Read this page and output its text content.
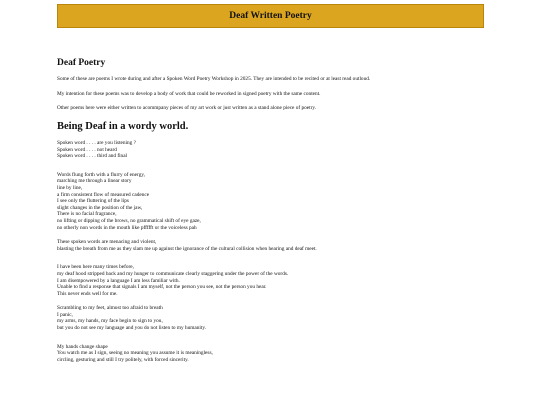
Deaf Written Poetry
Deaf Poetry

Some of these are poems I wrote during and after a Spoken Word Poetry Workshop in 2025. They are intended to be recited or at least read outloud.

My intention for these poems was to develop a body of work that could be reworked in signed poetry with the same content.

Other poems here were either written to acommpany pieces of my art work or just written as a stand alone piece of poetry.

Being Deaf in a wordy world.
Spoken word . . . . are you listening ?
Spoken word . . . . not heard
Spoken word . . . . third and final
Words flung forth with a flurry of energy,
marching me through a linear story
line by line,
a firm consistent flow of measured cadence
I see only the fluttering of the lips
slight changes in the position of the jaw,
There is no facial fragrance,
no lifting or dipping of the brows, no grammatical shift of eye gaze,
no otherly non words in the mouth like pffffft or the voiceless pah
These spoken words are menacing and violent,
blasting the breath from me as they slam me up against the ignorance of the cultural collision when hearing and deaf meet.
I have been here many times before,
my deaf hood stripped back and my hunger to communicate clearly staggering under the power of the words.
I am disempowered by a language I am less familiar with.
Unable to find a response that signals I am myself, not the person you see, not the person you hear.
This never ends well for me.
Scrambling to my feet, almost too afraid to breath
I panic,
my arms, my hands, my face begin to sign to you,
but you do not see my language and you do not listen to my humanity.
My hands change shape
You watch me as I sign, seeing no meaning you assume it is meaningless,
circling, gesturing and still I try politely, with forced sincerity.
